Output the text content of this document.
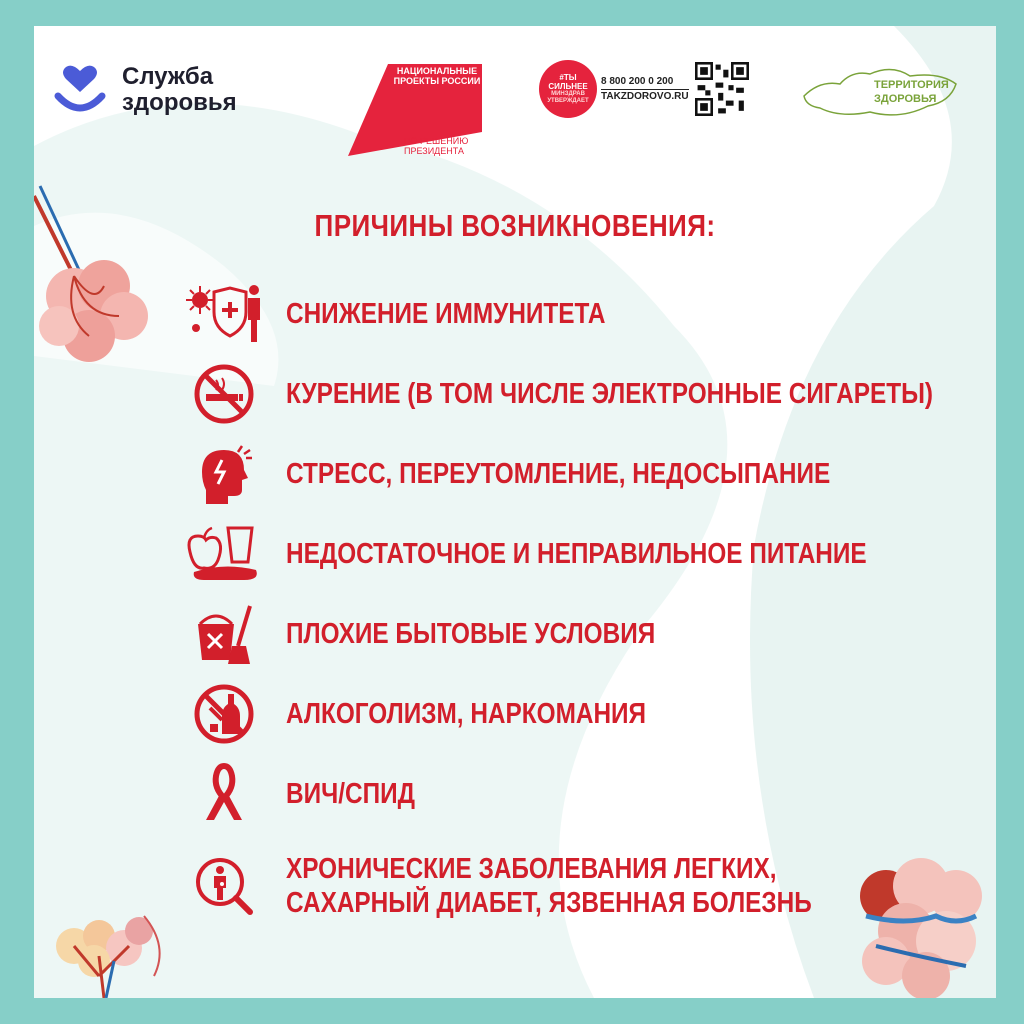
Служба
здоровья
НАЦИОНАЛЬНЫЕ ПРОЕКТЫ РОССИИ
ПО РЕШЕНИЮ ПРЕЗИДЕНТА
#ТЫ СИЛЬНЕЕ
МИНЗДРАВ УТВЕРЖДАЕТ
8 800 200 0 200
TAKZDOROVO.RU
ТЕРРИТОРИЯ
ЗДОРОВЬЯ
ПРИЧИНЫ ВОЗНИКНОВЕНИЯ:
СНИЖЕНИЕ ИММУНИТЕТА
КУРЕНИЕ (В ТОМ ЧИСЛЕ ЭЛЕКТРОННЫЕ СИГАРЕТЫ)
СТРЕСС, ПЕРЕУТОМЛЕНИЕ, НЕДОСЫПАНИЕ
НЕДОСТАТОЧНОЕ И НЕПРАВИЛЬНОЕ ПИТАНИЕ
ПЛОХИЕ БЫТОВЫЕ УСЛОВИЯ
АЛКОГОЛИЗМ, НАРКОМАНИЯ
ВИЧ/СПИД
ХРОНИЧЕСКИЕ ЗАБОЛЕВАНИЯ ЛЕГКИХ,
САХАРНЫЙ ДИАБЕТ, ЯЗВЕННАЯ БОЛЕЗНЬ
